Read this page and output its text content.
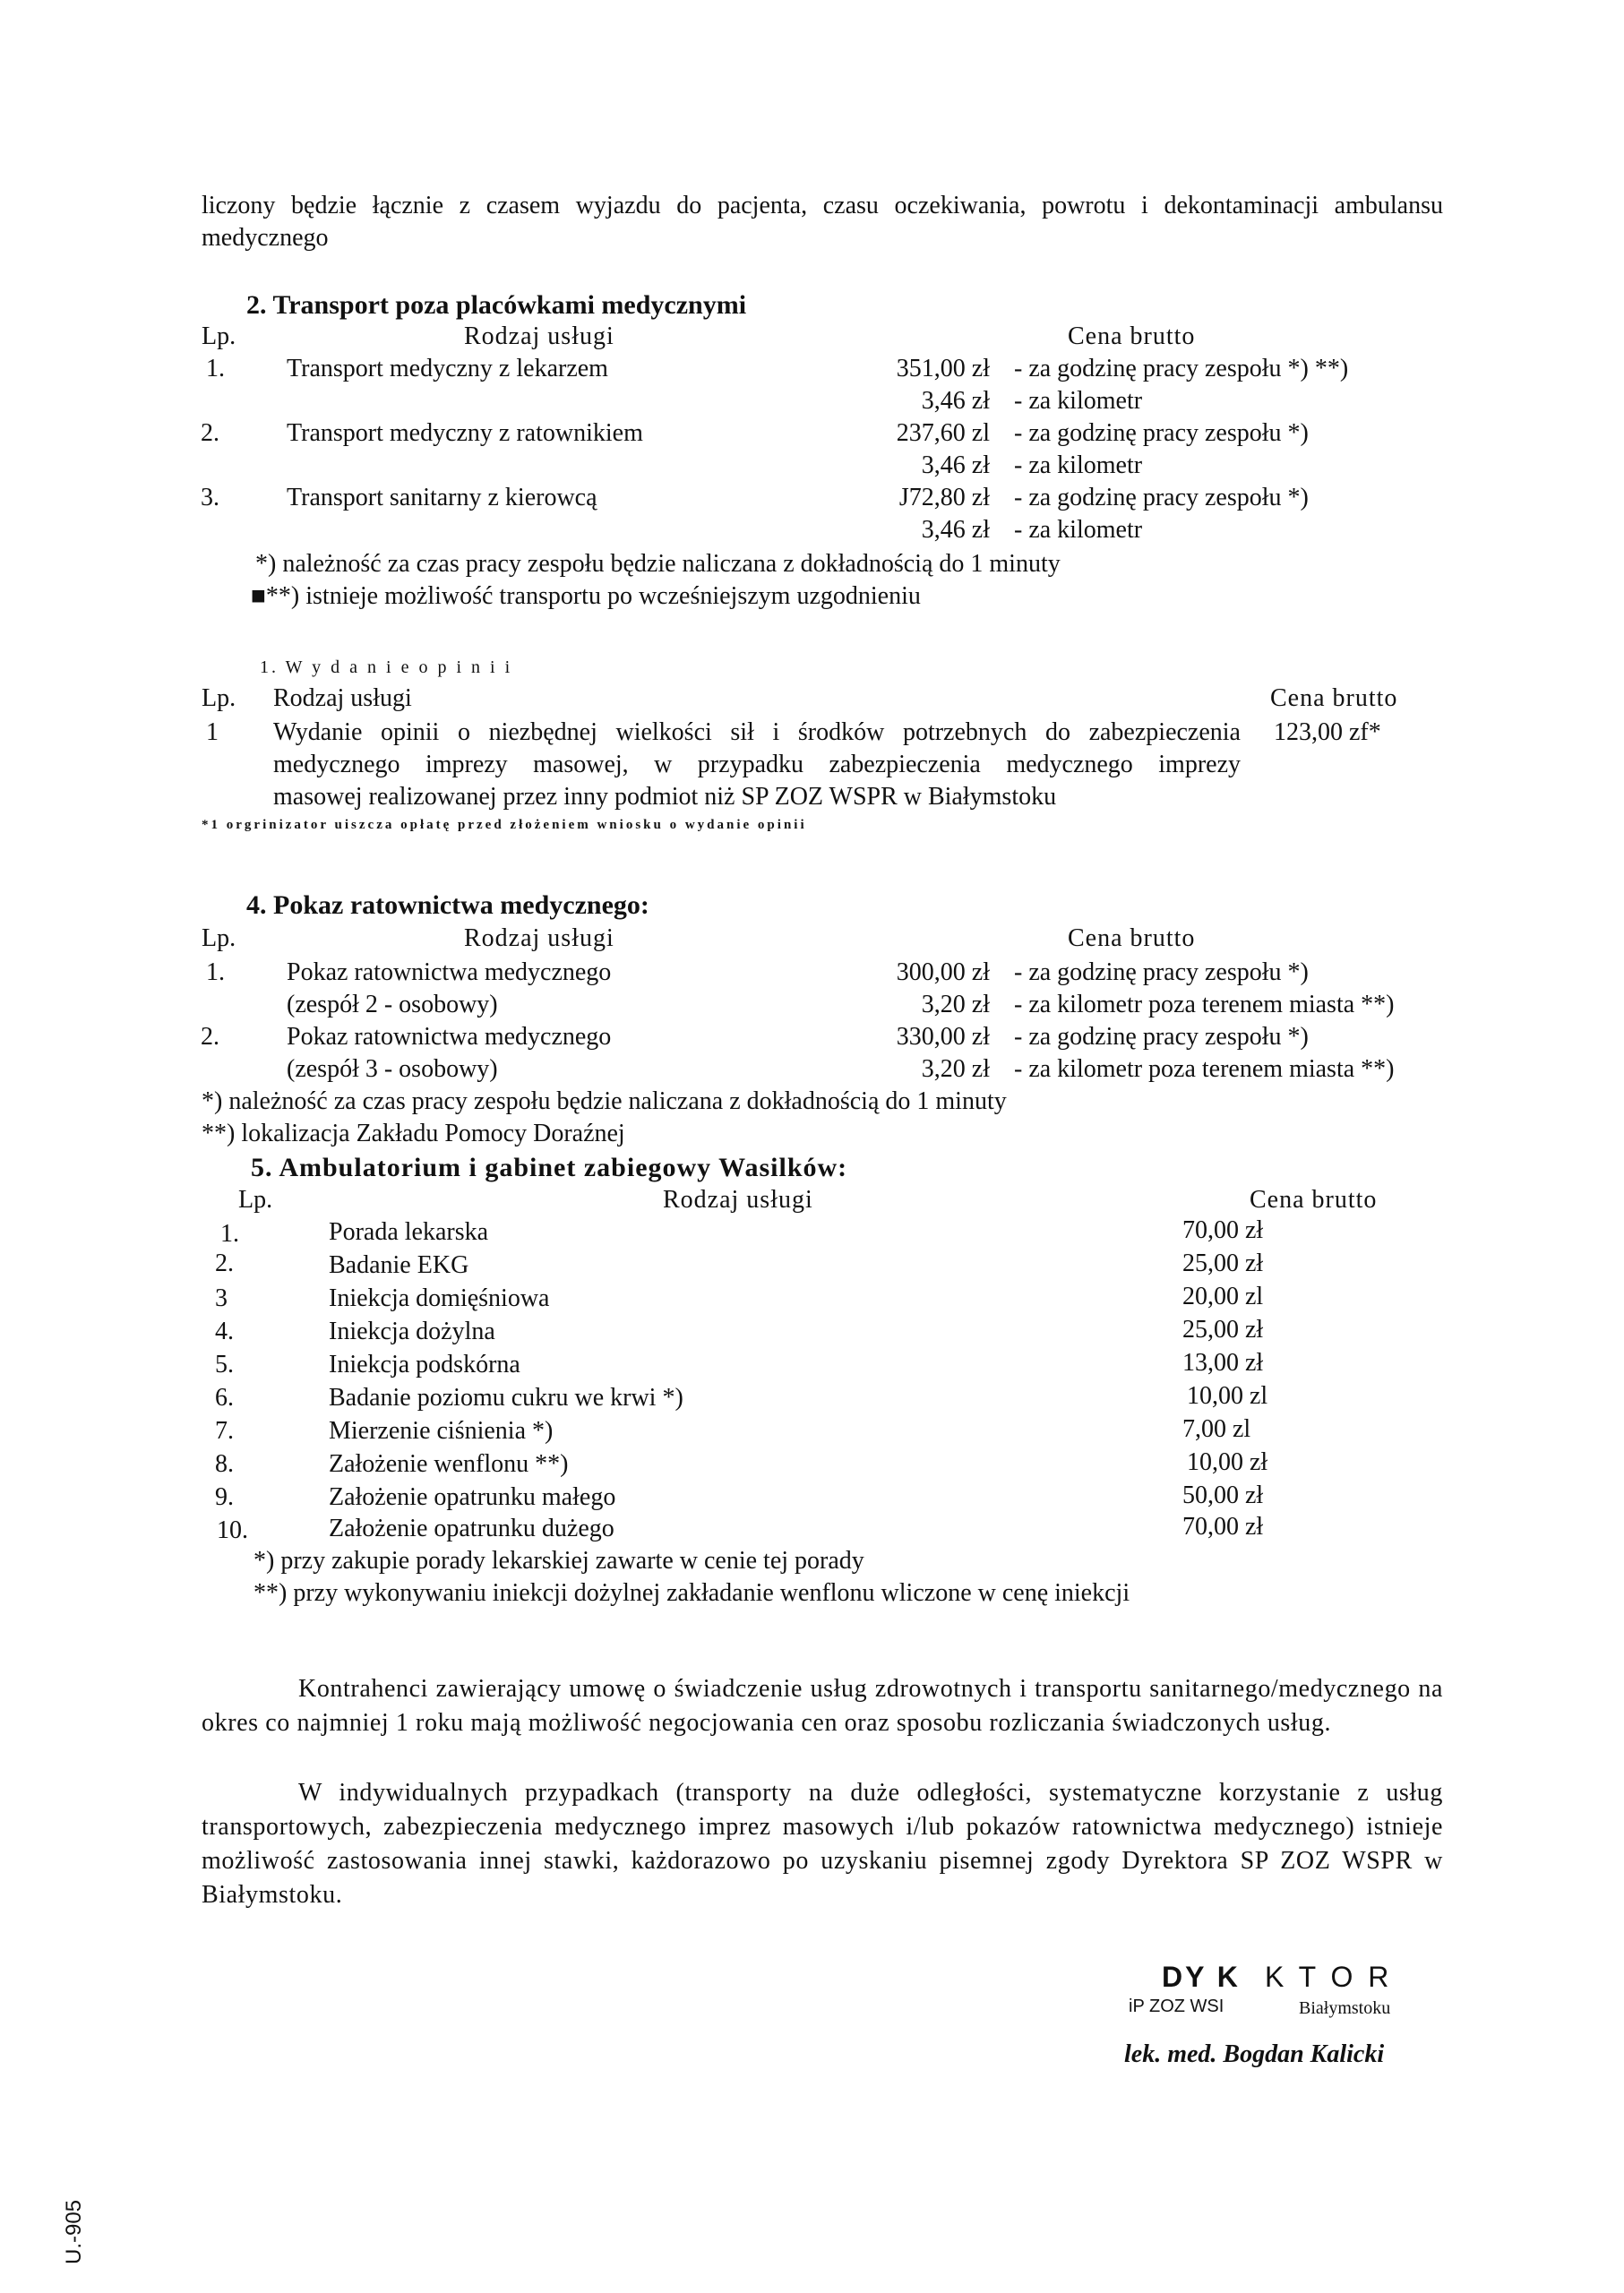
liczony będzie łącznie z czasem wyjazdu do pacjenta, czasu oczekiwania, powrotu i dekontaminacji ambulansu medycznego
2. Transport poza placówkami medycznymi
Lp.	Rodzaj usługi	Cena brutto
1. Transport medyczny z lekarzem	351,00 zł - za godzinę pracy zespołu *) **)
3,46 zł - za kilometr
2.	Transport medyczny z ratownikiem	237,60 zl - za godzinę pracy zespołu *)
3,46 zł - za kilometr
3.	Transport sanitarny z kierowcą	J72,80 zł - za godzinę pracy zespołu *)
3,46 zł - za kilometr
*) należność za czas pracy zespołu będzie naliczana z dokładnością do 1 minuty
■**) istnieje możliwość transportu po wcześniejszym uzgodnieniu
1. W y d a n i e o p i n i i
Lp. Rodzaj usługi	Cena brutto
1 Wydanie opinii o niezbędnej wielkości sił i środków potrzebnych do zabezpieczenia
medycznego imprezy masowej, w przypadku zabezpieczenia medycznego imprezy
masowej realizowanej przez inny podmiot niż SP ZOZ WSPR w Białymstoku
123,00 zf*
*1 orgrinizator uiszcza opłatę przed złożeniem wniosku o wydanie opinii
4. Pokaz ratownictwa medycznego:
Lp.	Rodzaj usługi	Cena brutto
1. Pokaz ratownictwa medycznego
(zespół 2 - osobowy)
300,00 zł - za godzinę pracy zespołu *)
3,20 zł - za kilometr poza terenem miasta **)
2.	Pokaz ratownictwa medycznego
(zespół 3 - osobowy)
330,00 zł - za godzinę pracy zespołu *)
3,20 zł - za kilometr poza terenem miasta **)
*) należność za czas pracy zespołu będzie naliczana z dokładnością do 1 minuty
**) lokalizacja Zakładu Pomocy Doraźnej
5. Ambulatorium i gabinet zabiegowy Wasilków:
Lp.	Rodzaj usługi	Cena brutto
1.	Porada lekarska	70,00 zł
2.	Badanie EKG	25,00 zł
3	Iniekcja domięśniowa	20,00 zl
4.	Iniekcja dożylna	25,00 zł
5.	Iniekcja podskórna	13,00 zł
6.	Badanie poziomu cukru we krwi *)	10,00 zl
7.	Mierzenie ciśnienia *)	7,00 zl
8.	Założenie wenflonu **)	10,00 zł
9.	Założenie opatrunku małego	50,00 zł
10.	Założenie opatrunku dużego	70,00 zł
*) przy zakupie porady lekarskiej zawarte w cenie tej porady
**) przy wykonywaniu iniekcji dożylnej zakładanie wenflonu wliczone w cenę iniekcji
Kontrahenci zawierający umowę o świadczenie usług zdrowotnych i transportu sanitarnego/medycznego na okres co najmniej 1 roku mają możliwość negocjowania cen oraz sposobu rozliczania świadczonych usług.
W indywidualnych przypadkach (transporty na duże odległości, systematyczne korzystanie z usług transportowych, zabezpieczenia medycznego imprez masowych i/lub pokazów ratownictwa medycznego) istnieje możliwość zastosowania innej stawki, każdorazowo po uzyskaniu pisemnej zgody Dyrektora SP ZOZ WSPR w Białymstoku.
DY K K T O R
iP ZOZ WSI	Białymstoku
lek. med. Bogdan Kalicki
U.-905
